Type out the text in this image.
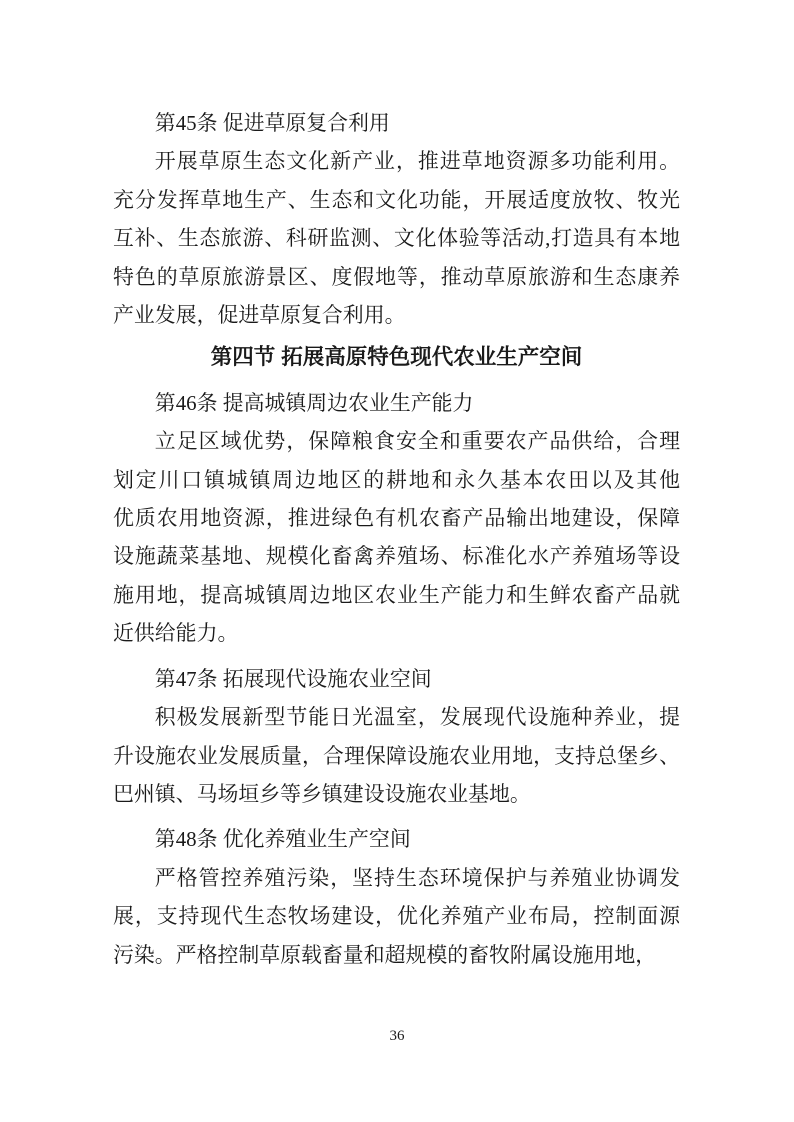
第45条 促进草原复合利用
开展草原生态文化新产业，推进草地资源多功能利用。
充分发挥草地生产、生态和文化功能，开展适度放牧、牧光
互补、生态旅游、科研监测、文化体验等活动,打造具有本地
特色的草原旅游景区、度假地等，推动草原旅游和生态康养
产业发展，促进草原复合利用。
第四节 拓展高原特色现代农业生产空间
第46条 提高城镇周边农业生产能力
立足区域优势，保障粮食安全和重要农产品供给，合理
划定川口镇城镇周边地区的耕地和永久基本农田以及其他
优质农用地资源，推进绿色有机农畜产品输出地建设，保障
设施蔬菜基地、规模化畜禽养殖场、标准化水产养殖场等设
施用地，提高城镇周边地区农业生产能力和生鲜农畜产品就
近供给能力。
第47条 拓展现代设施农业空间
积极发展新型节能日光温室，发展现代设施种养业，提
升设施农业发展质量，合理保障设施农业用地，支持总堡乡、
巴州镇、马场垣乡等乡镇建设设施农业基地。
第48条 优化养殖业生产空间
严格管控养殖污染，坚持生态环境保护与养殖业协调发
展，支持现代生态牧场建设，优化养殖产业布局，控制面源
污染。严格控制草原载畜量和超规模的畜牧附属设施用地，
36
